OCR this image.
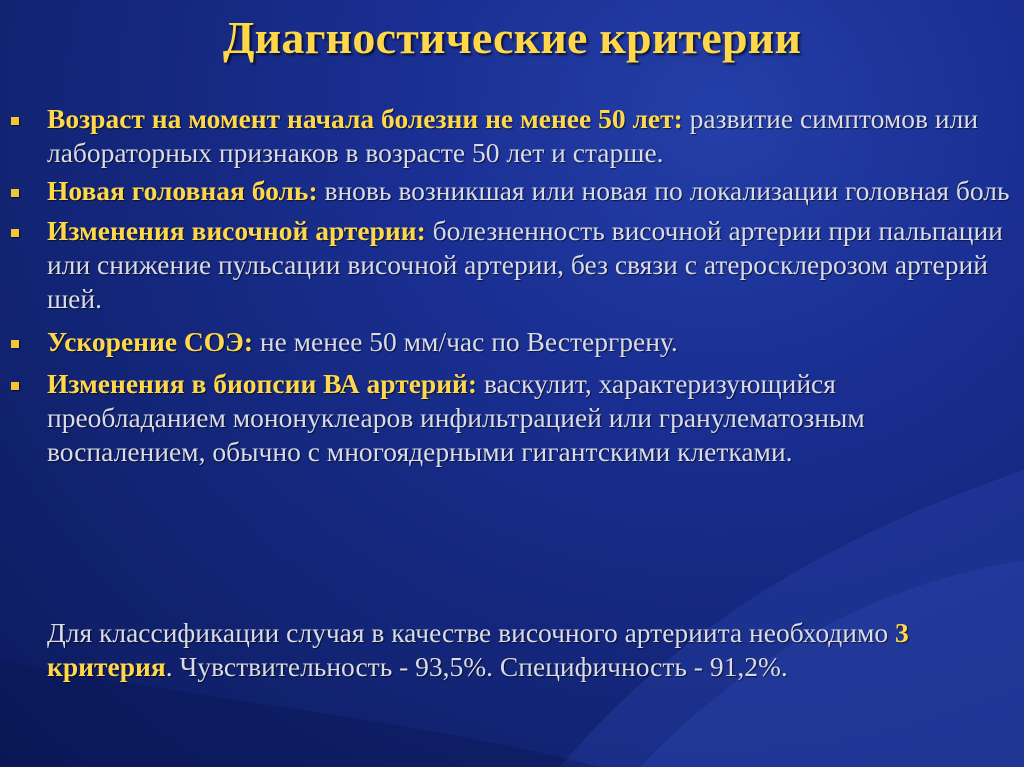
Диагностические критерии
Возраст на момент начала болезни не менее 50 лет: развитие симптомов или лабораторных признаков в возрасте 50 лет и старше.
Новая головная боль: вновь возникшая или новая по локализации головная боль
Изменения височной артерии: болезненность височной артерии при пальпации или снижение пульсации височной артерии, без связи с атеросклерозом артерий шей.
Ускорение СОЭ: не менее 50 мм/час по Вестергрену.
Изменения в биопсии ВА артерий: васкулит, характеризующийся преобладанием мононуклеаров инфильтрацией или гранулематозным воспалением, обычно с многоядерными гигантскими клетками.
Для классификации случая в качестве височного артериита необходимо 3 критерия. Чувствительность - 93,5%. Специфичность - 91,2%.
